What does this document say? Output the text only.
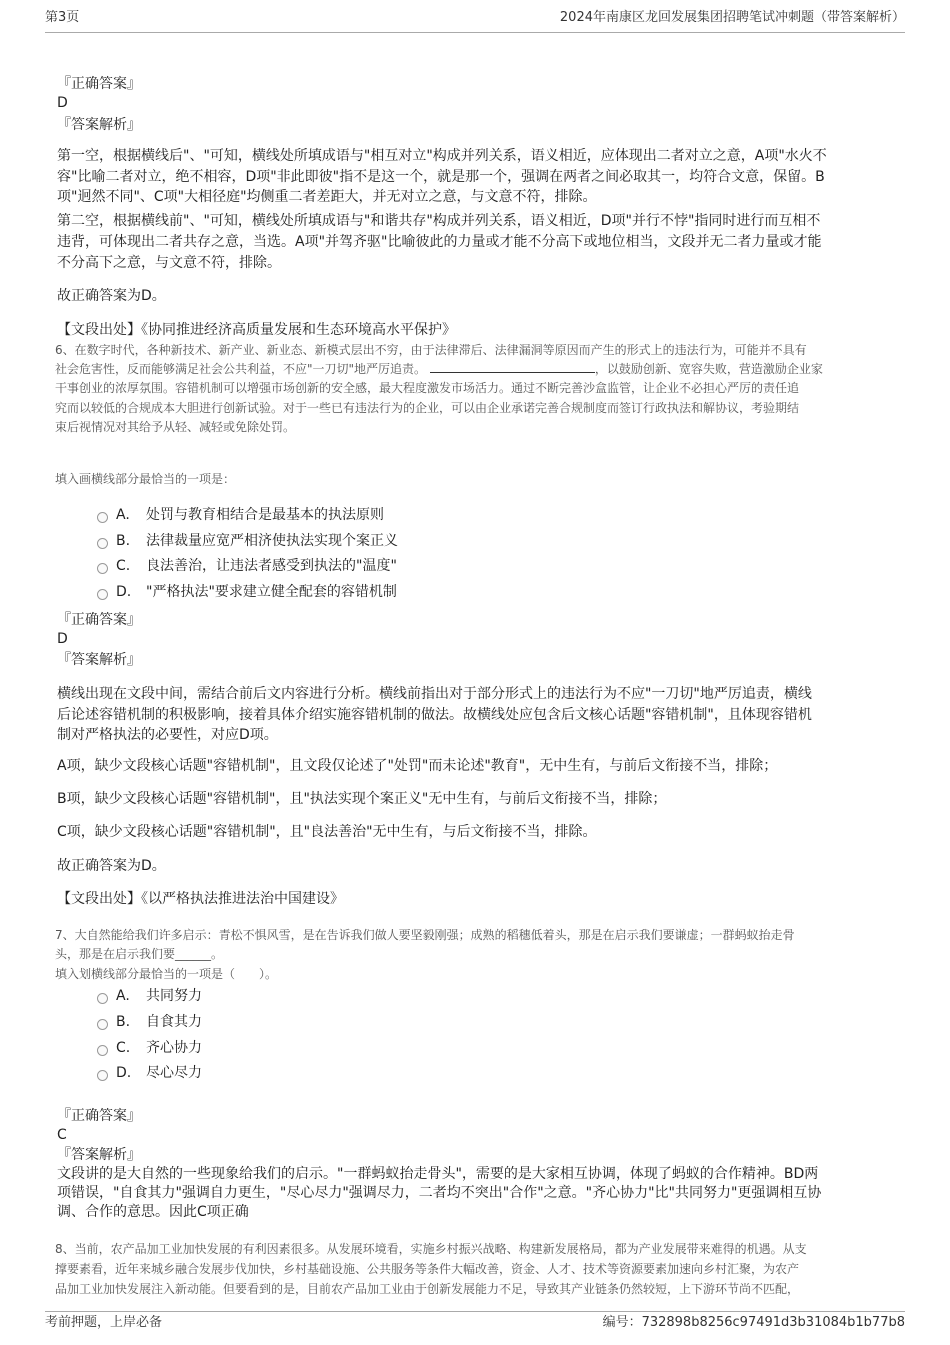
第3页	2024年南康区龙回发展集团招聘笔试冲刺题（带答案解析）
『正确答案』
D
『答案解析』
第一空，根据横线后"、"可知，横线处所填成语与"相互对立"构成并列关系，语义相近，应体现出二者对立之意，A项"水火不
容"比喻二者对立，绝不相容，D项"非此即彼"指不是这一个，就是那一个，强调在两者之间必取其一，均符合文意，保留。B
项"迥然不同"、C项"大相径庭"均侧重二者差距大，并无对立之意，与文意不符，排除。
第二空，根据横线前"、"可知，横线处所填成语与"和谐共存"构成并列关系，语义相近，D项"并行不悖"指同时进行而互相不
违背，可体现出二者共存之意，当选。A项"并驾齐驱"比喻彼此的力量或才能不分高下或地位相当，文段并无二者力量或才能
不分高下之意，与文意不符，排除。
故正确答案为D。
【文段出处】《协同推进经济高质量发展和生态环境高水平保护》
6、在数字时代，各种新技术、新产业、新业态、新模式层出不穷，由于法律滞后、法律漏洞等原因而产生的形式上的违法行为，可能并不具有
社会危害性，反而能够满足社会公共利益，不应"一刀切"地严厉追责。	，以鼓励创新、宽容失败，营造激励企业家
干事创业的浓厚氛围。容错机制可以增强市场创新的安全感，最大程度激发市场活力。通过不断完善沙盒监管，让企业不必担心严厉的责任追
究而以较低的合规成本大胆进行创新试验。对于一些已有违法行为的企业，可以由企业承诺完善合规制度而签订行政执法和解协议，考验期结
束后视情况对其给予从轻、减轻或免除处罚。
填入画横线部分最恰当的一项是：
A.	处罚与教育相结合是最基本的执法原则
B.	法律裁量应宽严相济使执法实现个案正义
C.	良法善治，让违法者感受到执法的"温度"
D.	"严格执法"要求建立健全配套的容错机制
『正确答案』
D
『答案解析』
横线出现在文段中间，需结合前后文内容进行分析。横线前指出对于部分形式上的违法行为不应"一刀切"地严厉追责，横线
后论述容错机制的积极影响，接着具体介绍实施容错机制的做法。故横线处应包含后文核心话题"容错机制"，且体现容错机
制对严格执法的必要性，对应D项。
A项，缺少文段核心话题"容错机制"，且文段仅论述了"处罚"而未论述"教育"，无中生有，与前后文衔接不当，排除；
B项，缺少文段核心话题"容错机制"，且"执法实现个案正义"无中生有，与前后文衔接不当，排除；
C项，缺少文段核心话题"容错机制"，且"良法善治"无中生有，与后文衔接不当，排除。
故正确答案为D。
【文段出处】《以严格执法推进法治中国建设》
7、大自然能给我们许多启示：青松不惧风雪，是在告诉我们做人要坚毅刚强；成熟的稻穗低着头，那是在启示我们要谦虚；一群蚂蚁抬走骨
头，那是在启示我们要______。
填入划横线部分最恰当的一项是（　　）。
A.	共同努力
B.	自食其力
C.	齐心协力
D.	尽心尽力
『正确答案』
C
『答案解析』
文段讲的是大自然的一些现象给我们的启示。"一群蚂蚁抬走骨头"，需要的是大家相互协调，体现了蚂蚁的合作精神。BD两
项错误，"自食其力"强调自力更生，"尽心尽力"强调尽力，二者均不突出"合作"之意。"齐心协力"比"共同努力"更强调相互协
调、合作的意思。因此C项正确
8、当前，农产品加工业加快发展的有利因素很多。从发展环境看，实施乡村振兴战略、构建新发展格局，都为产业发展带来难得的机遇。从支
撑要素看，近年来城乡融合发展步伐加快，乡村基础设施、公共服务等条件大幅改善，资金、人才、技术等资源要素加速向乡村汇聚，为农产
品加工业加快发展注入新动能。但要看到的是，目前农产品加工业由于创新发展能力不足，导致其产业链条仍然较短，上下游环节尚不匹配，
考前押题，上岸必备	编号：732898b8256c97491d3b31084b1b77b8
